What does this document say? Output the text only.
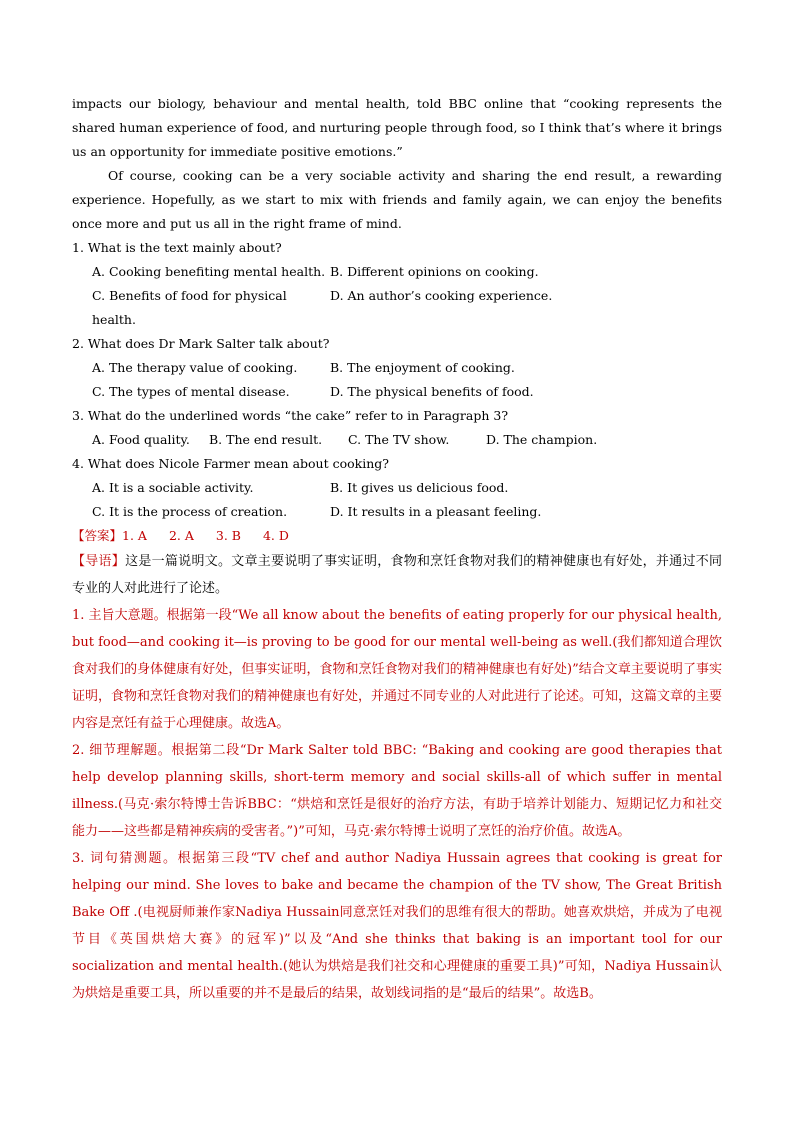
impacts our biology, behaviour and mental health, told BBC online that “cooking represents the shared human experience of food, and nurturing people through food, so I think that’s where it brings us an opportunity for immediate positive emotions.”

Of course, cooking can be a very sociable activity and sharing the end result, a rewarding experience. Hopefully, as we start to mix with friends and family again, we can enjoy the benefits once more and put us all in the right frame of mind.

1. What is the text mainly about?

A. Cooking benefiting mental health. B. Different opinions on cooking.
C. Benefits of food for physical health.
D. An author’s cooking experience.

2. What does Dr Mark Salter talk about?

A. The therapy value of cooking.	B. The enjoyment of cooking.
C. The types of mental disease.	D. The physical benefits of food.

3. What do the underlined words “the cake” refer to in Paragraph 3?

A. Food quality.	B. The end result.	C. The TV show.	D. The champion.

4. What does Nicole Farmer mean about cooking?

A. It is a sociable activity.	B. It gives us delicious food.
C. It is the process of creation.	D. It results in a pleasant feeling.

【答案】1. A 2. A 3. B 4. D

【导语】这是一篇说明文。文章主要说明了事实证明，食物和烹饪食物对我们的精神健康也有好处，并通过不同专业的人对此进行了论述。

1. 主旨大意题。根据第一段“We all know about the benefits of eating properly for our physical health, but food—and cooking it—is proving to be good for our mental well-being as well.(我们都知道合理饮食对我们的身体健康有好处，但事实证明，食物和烹饪食物对我们的精神健康也有好处)”结合文章主要说明了事实证明，食物和烹饪食物对我们的精神健康也有好处，并通过不同专业的人对此进行了论述。可知，这篇文章的主要内容是烹饪有益于心理健康。故选A。

2. 细节理解题。根据第二段“Dr Mark Salter told BBC: “Baking and cooking are good therapies that help develop planning skills, short-term memory and social skills-all of which suffer in mental illness.(马克·索尔特博士告诉BBC：“烘焙和烹饪是很好的治疗方法，有助于培养计划能力、短期记忆力和社交能力——这些都是精神疾病的受害者。”)”可知，马克·索尔特博士说明了烹饪的治疗价值。故选A。

3. 词句猜测题。根据第三段“TV chef and author Nadiya Hussain agrees that cooking is great for helping our mind. She loves to bake and became the champion of the TV show, The Great British Bake Off .(电视厨师兼作家Nadiya Hussain同意烹饪对我们的思维有很大的帮助。她喜欢烘焙，并成为了电视节目《英国烘焙大赛》的冠军)”以及“And she thinks that baking is an important tool for our socialization and mental health.(她认为烘焙是我们社交和心理健康的重要工具)”可知，Nadiya Hussain认为烘焙是重要工具，所以重要的并不是最后的结果，故划线词指的是“最后的结果”。故选B。
